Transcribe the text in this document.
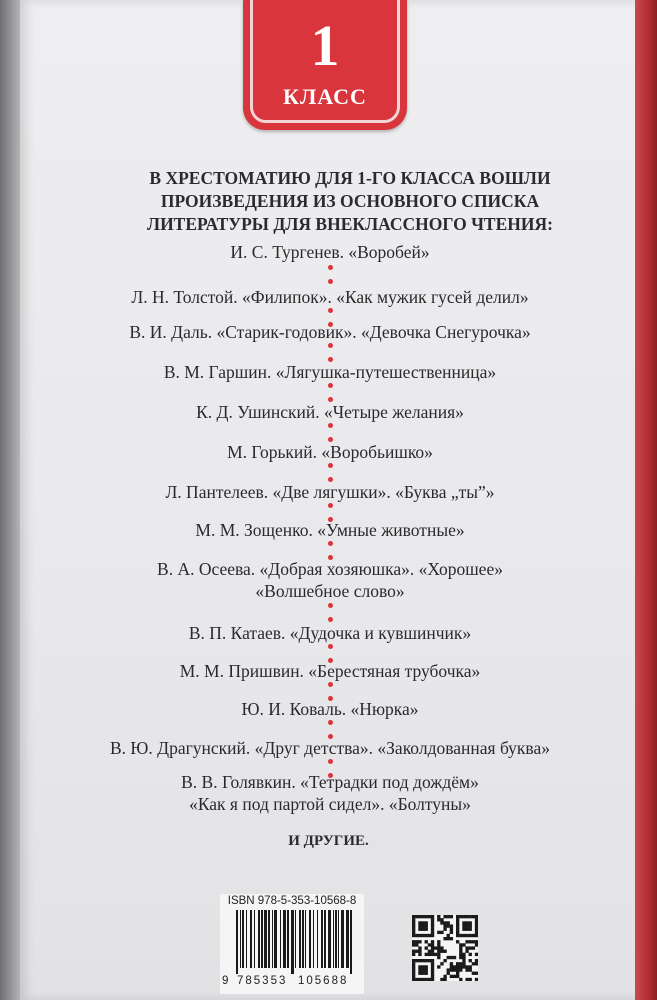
1
КЛАСС
В ХРЕСТОМАТИЮ ДЛЯ 1-ГО КЛАССА ВОШЛИ
ПРОИЗВЕДЕНИЯ ИЗ ОСНОВНОГО СПИСКА
ЛИТЕРАТУРЫ ДЛЯ ВНЕКЛАССНОГО ЧТЕНИЯ:
И. С. Тургенев. «Воробей»
Л. Н. Толстой. «Филипок». «Как мужик гусей делил»
В. И. Даль. «Старик-годовик». «Девочка Снегурочка»
В. М. Гаршин. «Лягушка-путешественница»
К. Д. Ушинский. «Четыре желания»
М. Горький. «Воробьишко»
Л. Пантелеев. «Две лягушки». «Буква „ты”»
М. М. Зощенко. «Умные животные»
В. А. Осеева. «Добрая хозяюшка». «Хорошее»
«Волшебное слово»
В. П. Катаев. «Дудочка и кувшинчик»
М. М. Пришвин. «Берестяная трубочка»
Ю. И. Коваль. «Нюрка»
В. Ю. Драгунский. «Друг детства». «Заколдованная буква»
В. В. Голявкин. «Тетрадки под дождём»
«Как я под партой сидел». «Болтуны»
И ДРУГИЕ.
ISBN 978-5-353-10568-8
9 785353 105688
